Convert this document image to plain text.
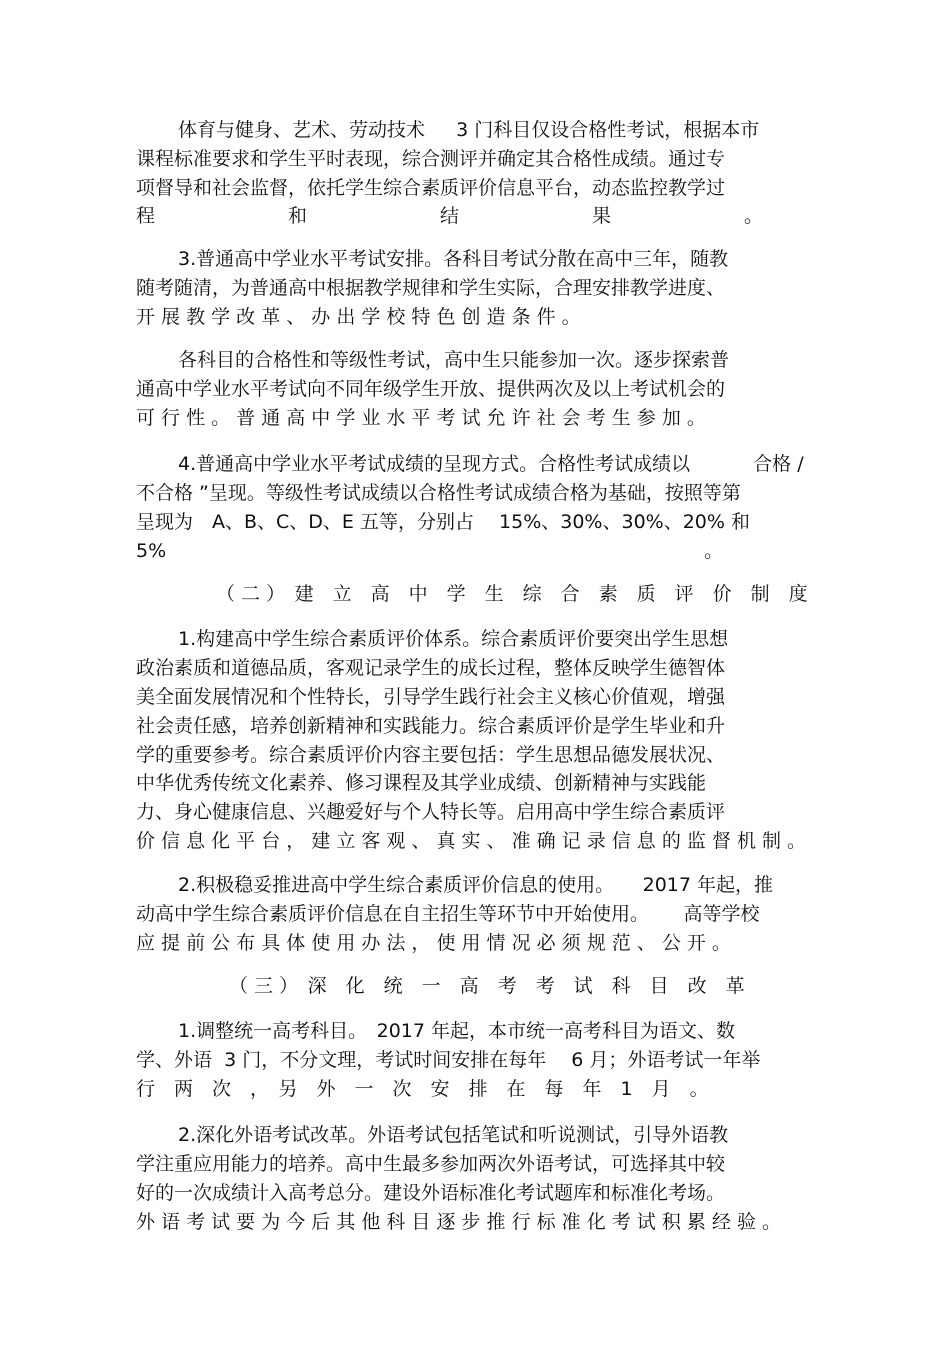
体育与健身、艺术、劳动技术　  3 门科目仅设合格性考试，根据本市

课程标准要求和学生平时表现，综合测评并确定其合格性成绩。通过专

项督导和社会监督，依托学生综合素质评价信息平台，动态监控教学过

程　　　　　　　和　　　　　　　结　　　　　　　果　　　　　　　。

3.普通高中学业水平考试安排。各科目考试分散在高中三年，随教

随考随清，为普通高中根据教学规律和学生实际，合理安排教学进度、

开 展 教 学 改 革 、 办 出 学 校 特 色 创 造 条 件 。

各科目的合格性和等级性考试，高中生只能参加一次。逐步探索普

通高中学业水平考试向不同年级学生开放、提供两次及以上考试机会的

可 行 性 。 普 通 高 中 学 业 水 平 考 试 允 许 社 会 考 生 参 加 。

4.普通高中学业水平考试成绩的呈现方式。合格性考试成绩以　　　 合格 /

不合格 ”呈现。等级性考试成绩以合格性考试成绩合格为基础，按照等第

呈现为　A、B、C、D、E 五等，分别占　 15%、30%、30%、20% 和

5%　　　　　　　　　　　　　　　　　　　　　　　　　　　　 。

（ 二 ）　建　立　高　中　学　生　综　合　素　质　评　价　制　度

1.构建高中学生综合素质评价体系。综合素质评价要突出学生思想

政治素质和道德品质，客观记录学生的成长过程，整体反映学生德智体

美全面发展情况和个性特长，引导学生践行社会主义核心价值观，增强

社会责任感，培养创新精神和实践能力。综合素质评价是学生毕业和升

学的重要参考。综合素质评价内容主要包括：学生思想品德发展状况、

中华优秀传统文化素养、修习课程及其学业成绩、创新精神与实践能

力、身心健康信息、兴趣爱好与个人特长等。启用高中学生综合素质评

价 信 息 化 平 台 ， 建 立 客 观 、 真 实 、 准 确 记 录 信 息 的 监 督 机 制 。

2.积极稳妥推进高中学生综合素质评价信息的使用。　　2017 年起，推

动高中学生综合素质评价信息在自主招生等环节中开始使用。　　 高等学校

应 提 前 公 布 具 体 使 用 办 法 ， 使 用 情 况 必 须 规 范 、 公 开 。

（ 三 ）　深　化　统　一　高　考　考　试　科　目　改　革

1.调整统一高考科目。　2017 年起，本市统一高考科目为语文、数

学、外语  3 门，不分文理，考试时间安排在每年　 6 月；外语考试一年举

行　两　次　，　另　外　一　次　安　排　在　每　年　1　月　。

2.深化外语考试改革。外语考试包括笔试和听说测试，引导外语教

学注重应用能力的培养。高中生最多参加两次外语考试，可选择其中较

好的一次成绩计入高考总分。建设外语标准化考试题库和标准化考场。

外 语 考 试 要 为 今 后 其 他 科 目 逐 步 推 行 标 准 化 考 试 积 累 经 验 。
